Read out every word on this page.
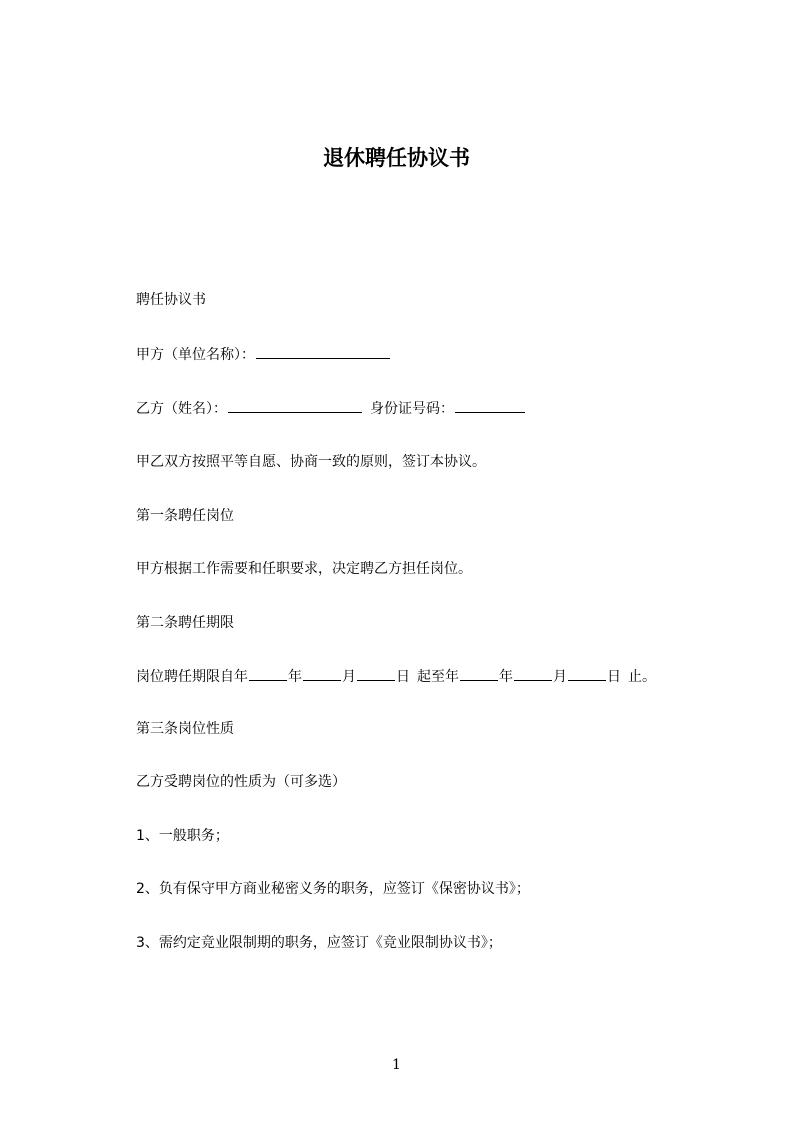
退休聘任协议书
聘任协议书
甲方（单位名称）：
乙方（姓名）：	身份证号码：
甲乙双方按照平等自愿、协商一致的原则，签订本协议。
第一条聘任岗位
甲方根据工作需要和任职要求，决定聘乙方担任岗位。
第二条聘任期限
岗位聘任期限自年	年	月	日 起至年	年	月	日 止。
第三条岗位性质
乙方受聘岗位的性质为（可多选）
1、一般职务；
2、负有保守甲方商业秘密义务的职务，应签订《保密协议书》；
3、需约定竞业限制期的职务，应签订《竞业限制协议书》；
1
